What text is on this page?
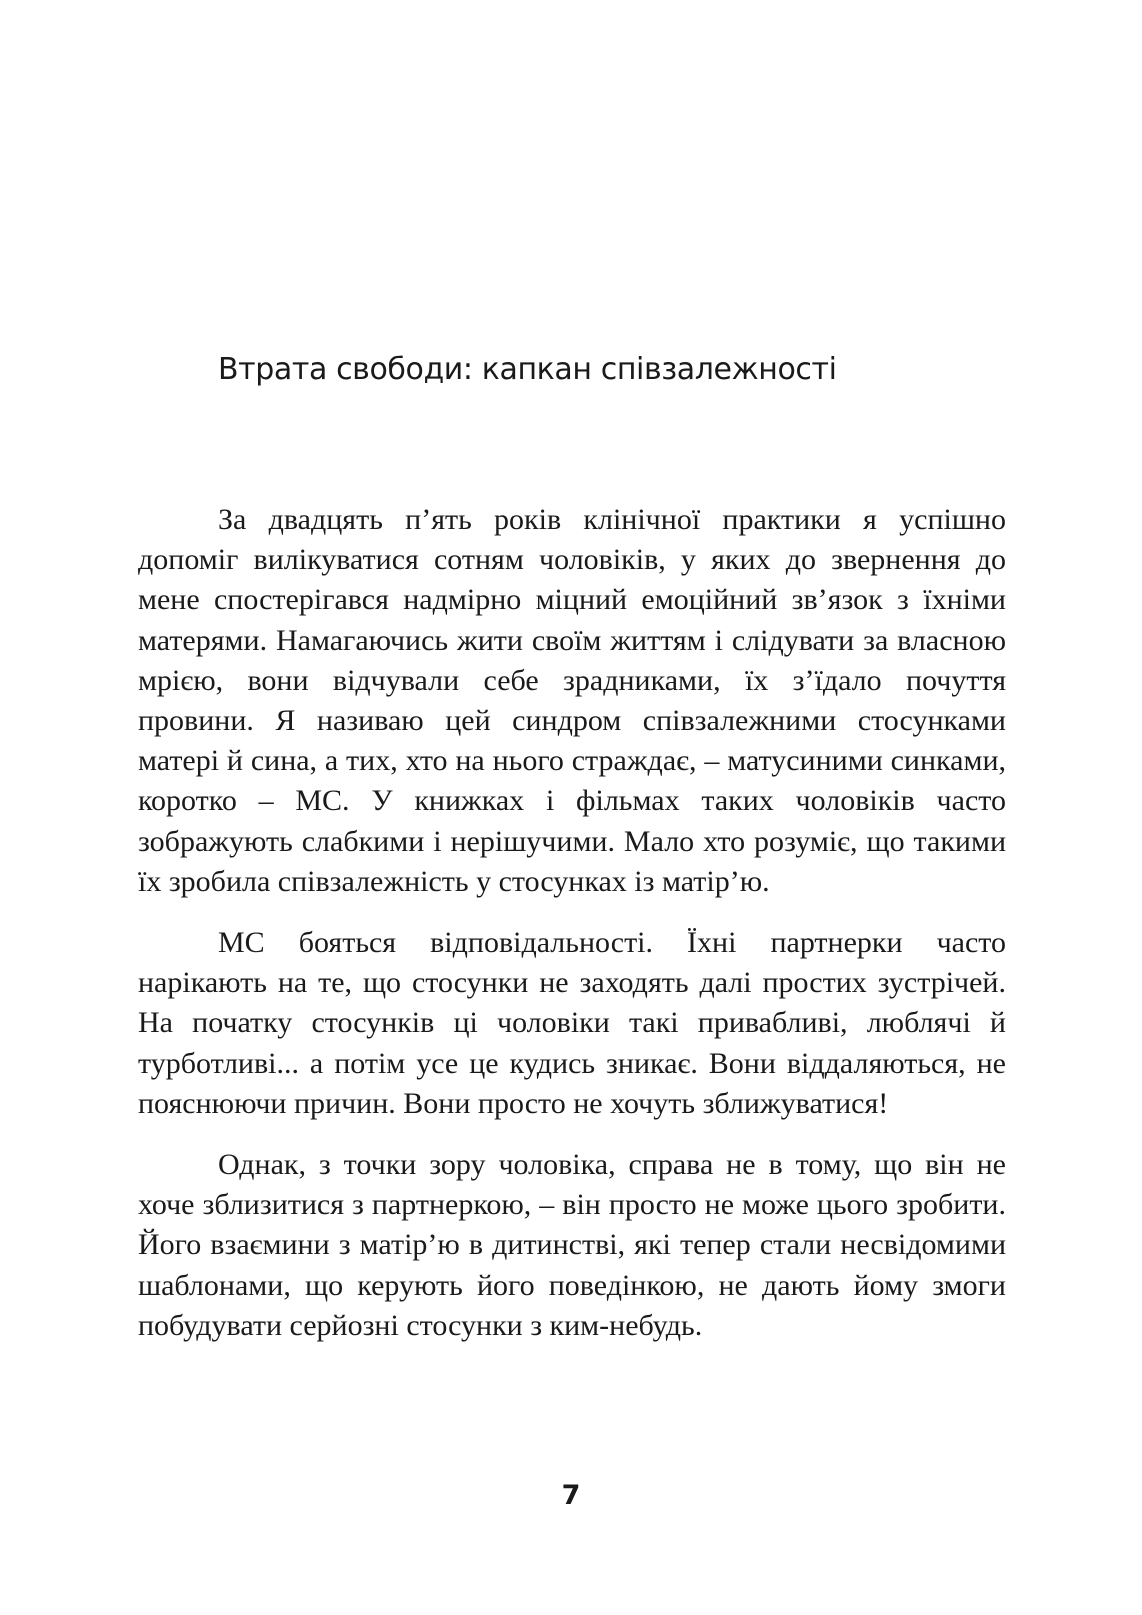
Втрата свободи: капкан співзалежності

За двадцять п’ять років клінічної практики я успішно допоміг вилікуватися сотням чоловіків, у яких до звернення до мене спостерігався надмірно міцний емоційний зв’язок з їхніми матерями. Намагаючись жити своїм життям і слідувати за власною мрією, вони відчували себе зрадниками, їх з’їдало почуття провини. Я називаю цей синдром співзалежними стосунками матері й сина, а тих, хто на нього страждає, – матусиними синками, коротко – МС. У книжках і фільмах таких чоловіків часто зображують слабкими і нерішучими. Мало хто розуміє, що такими їх зробила співзалежність у стосунках із матір’ю.

МС бояться відповідальності. Їхні партнерки часто нарікають на те, що стосунки не заходять далі простих зустрічей. На початку стосунків ці чоловіки такі привабливі, люблячі й турботливі... а потім усе це кудись зникає. Вони віддаляються, не пояснюючи причин. Вони просто не хочуть зближуватися!

Однак, з точки зору чоловіка, справа не в тому, що він не хоче зблизитися з партнеркою, – він просто не може цього зробити. Його взаємини з матір’ю в дитинстві, які тепер стали несвідомими шаблонами, що керують його поведінкою, не дають йому змоги побудувати серйозні стосунки з ким-небудь.

7
